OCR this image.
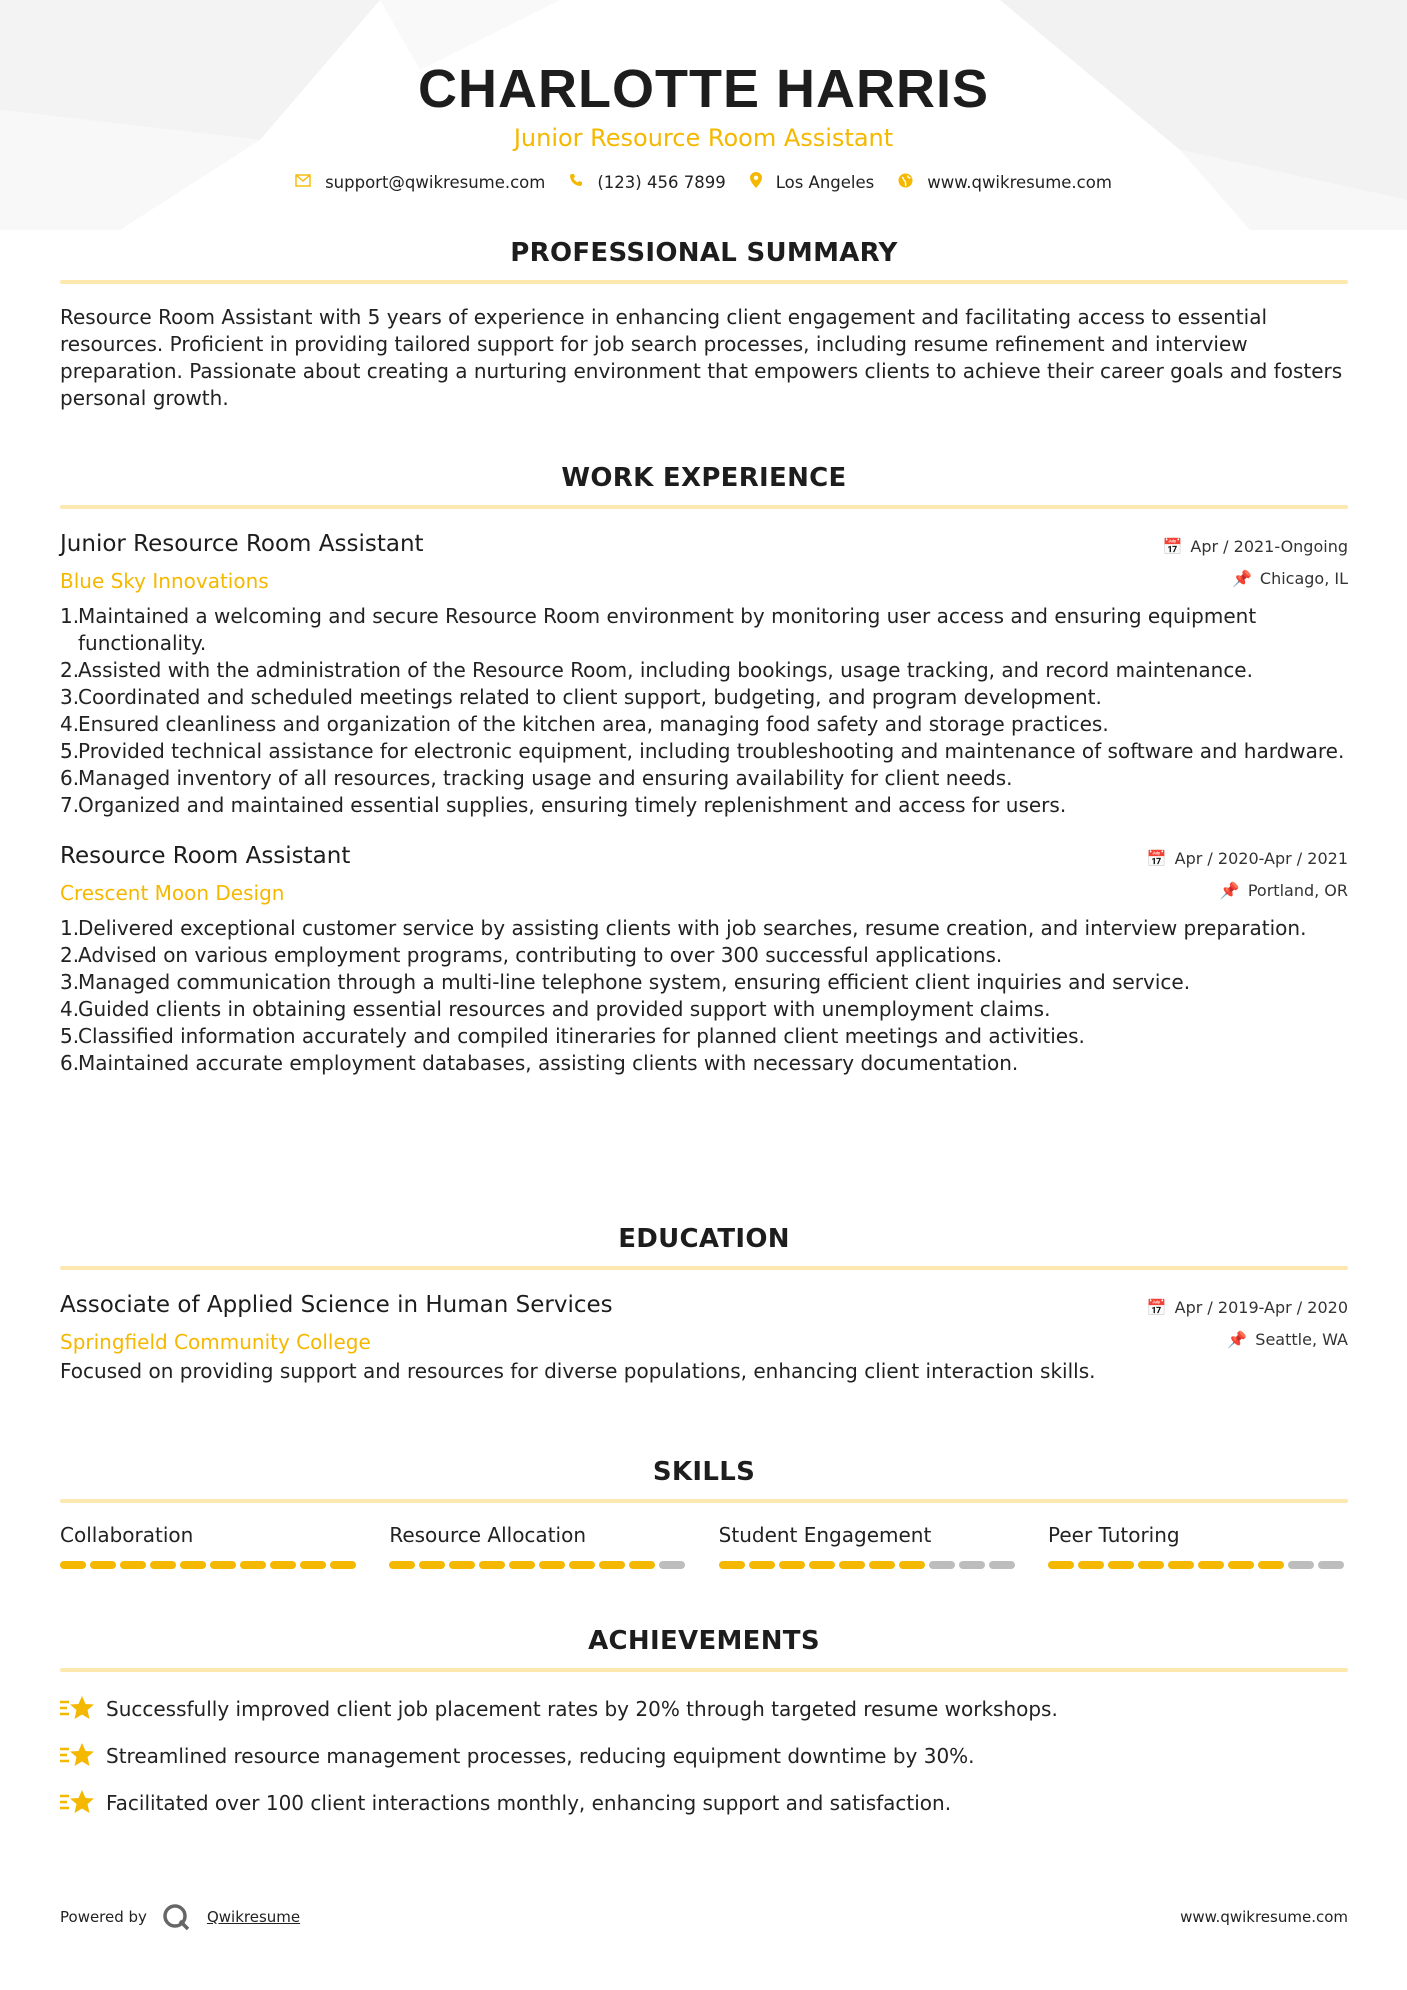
CHARLOTTE HARRIS
Junior Resource Room Assistant
support@qwikresume.com	(123) 456 7899	Los Angeles	www.qwikresume.com
PROFESSIONAL SUMMARY
Resource Room Assistant with 5 years of experience in enhancing client engagement and facilitating access to essential resources. Proficient in providing tailored support for job search processes, including resume refinement and interview preparation. Passionate about creating a nurturing environment that empowers clients to achieve their career goals and fosters personal growth.
WORK EXPERIENCE
Junior Resource Room Assistant
Blue Sky Innovations
📅 Apr / 2021-Ongoing
📌 Chicago, IL
1.
Maintained a welcoming and secure Resource Room environment by monitoring user access and ensuring equipment functionality.
2.
Assisted with the administration of the Resource Room, including bookings, usage tracking, and record maintenance.
3.
Coordinated and scheduled meetings related to client support, budgeting, and program development.
4.
Ensured cleanliness and organization of the kitchen area, managing food safety and storage practices.
5.
Provided technical assistance for electronic equipment, including troubleshooting and maintenance of software and hardware.
6.
Managed inventory of all resources, tracking usage and ensuring availability for client needs.
7.
Organized and maintained essential supplies, ensuring timely replenishment and access for users.
Resource Room Assistant
Crescent Moon Design
📅 Apr / 2020-Apr / 2021
📌 Portland, OR
1.
Delivered exceptional customer service by assisting clients with job searches, resume creation, and interview preparation.
2.
Advised on various employment programs, contributing to over 300 successful applications.
3.
Managed communication through a multi-line telephone system, ensuring efficient client inquiries and service.
4.
Guided clients in obtaining essential resources and provided support with unemployment claims.
5.
Classified information accurately and compiled itineraries for planned client meetings and activities.
6.
Maintained accurate employment databases, assisting clients with necessary documentation.
EDUCATION
Associate of Applied Science in Human Services
Springfield Community College
📅 Apr / 2019-Apr / 2020
📌 Seattle, WA
Focused on providing support and resources for diverse populations, enhancing client interaction skills.
SKILLS
Collaboration	Resource Allocation	Student Engagement	Peer Tutoring
ACHIEVEMENTS
Successfully improved client job placement rates by 20% through targeted resume workshops.
Streamlined resource management processes, reducing equipment downtime by 30%.
Facilitated over 100 client interactions monthly, enhancing support and satisfaction.
Powered by	Qwikresume	www.qwikresume.com
